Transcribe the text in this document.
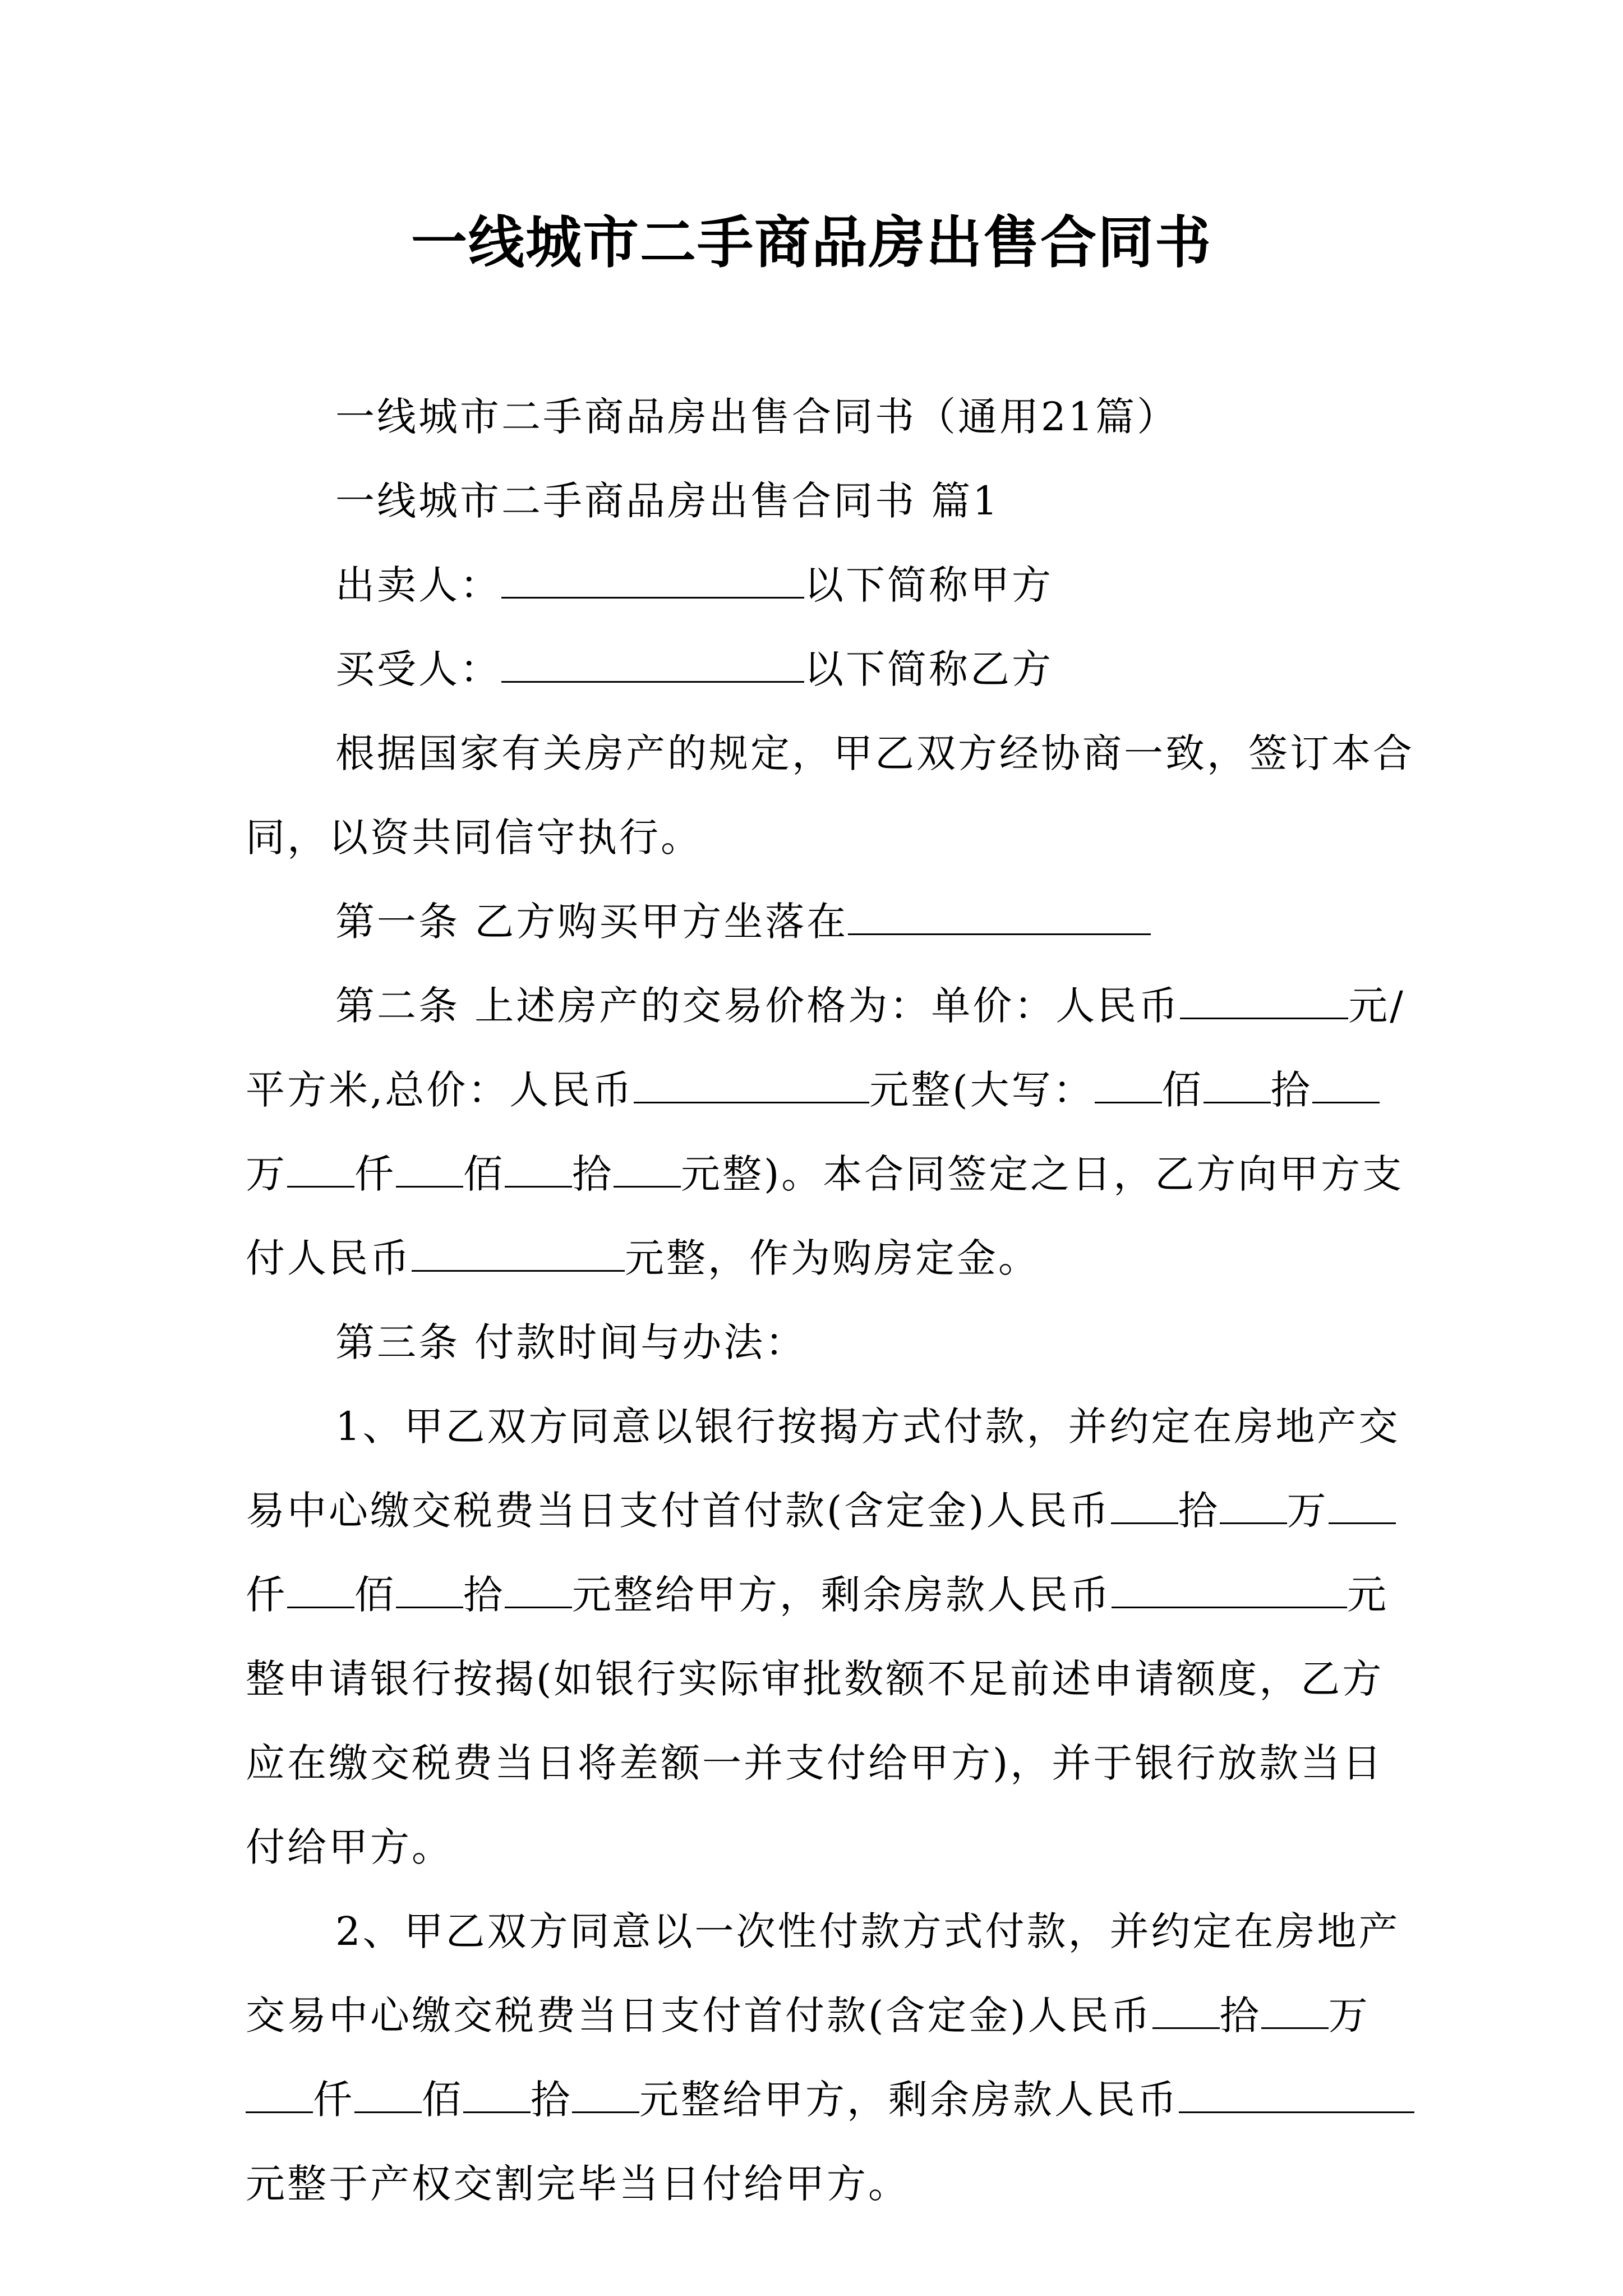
一线城市二手商品房出售合同书

一线城市二手商品房出售合同书（通用21篇）

一线城市二手商品房出售合同书 篇1

出卖人：	以下简称甲方

买受人：	以下简称乙方

根据国家有关房产的规定，甲乙双方经协商一致，签订本合同，以资共同信守执行。

第一条 乙方购买甲方坐落在

第二条 上述房产的交易价格为：单价：人民币	元/平方米,总价：人民币	元整(大写： 佰 拾万 仟 佰 拾 元整)。本合同签定之日，乙方向甲方支付人民币	元整，作为购房定金。

第三条 付款时间与办法：

1、甲乙双方同意以银行按揭方式付款，并约定在房地产交易中心缴交税费当日支付首付款(含定金)人民币 拾 万仟 佰 拾 元整给甲方，剩余房款人民币	元整申请银行按揭(如银行实际审批数额不足前述申请额度，乙方应在缴交税费当日将差额一并支付给甲方)，并于银行放款当日付给甲方。

2、甲乙双方同意以一次性付款方式付款，并约定在房地产交易中心缴交税费当日支付首付款(含定金)人民币 拾 万仟 佰 拾 元整给甲方，剩余房款人民币元整于产权交割完毕当日付给甲方。
